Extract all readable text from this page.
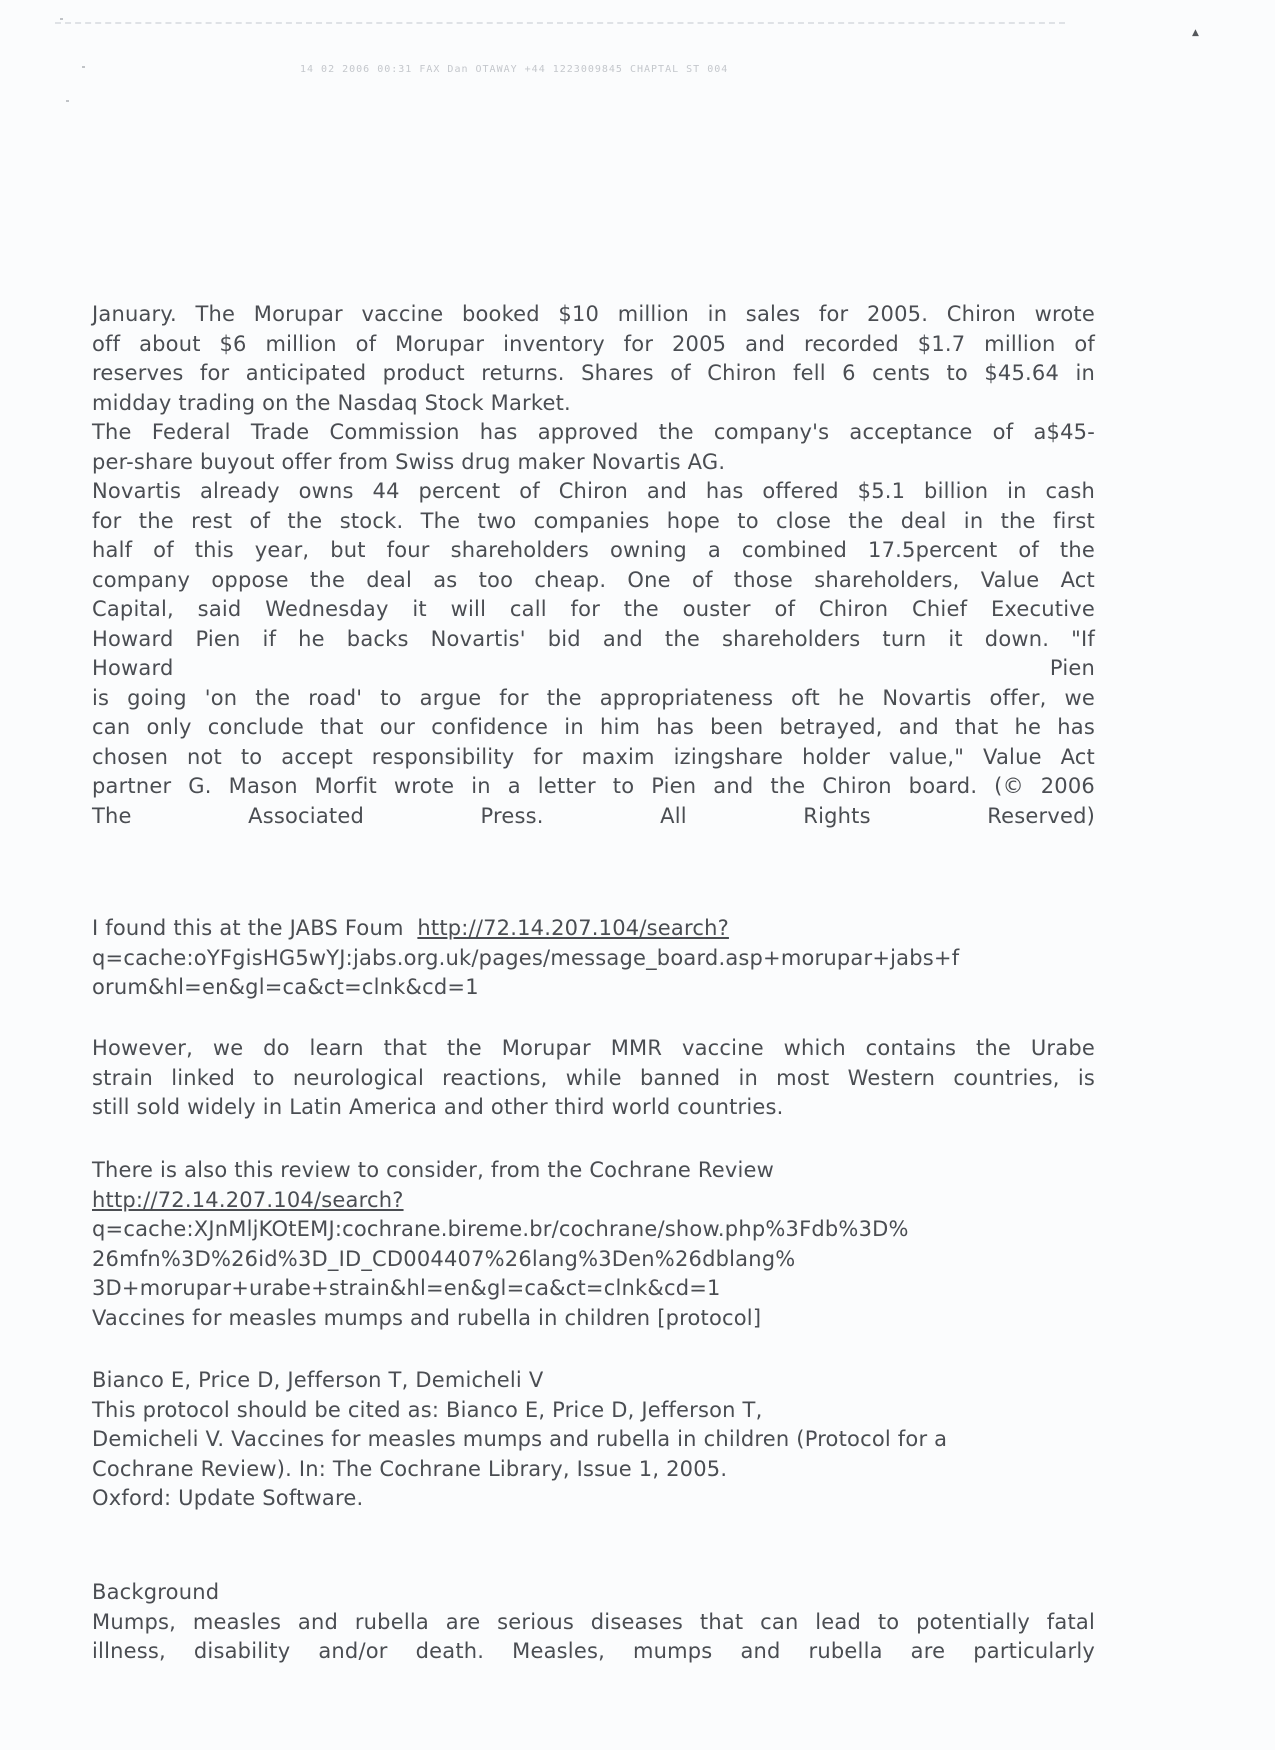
▲
14 02 2006 00:31 FAX Dan OTAWAY +44 1223009845 CHAPTAL ST 004

January. The Morupar vaccine booked $10 million in sales for 2005. Chiron wrote

off about $6 million of Morupar inventory for 2005 and recorded $1.7 million of

reserves for anticipated product returns. Shares of Chiron fell 6 cents to $45.64 in

midday trading on the Nasdaq Stock Market.

The Federal Trade Commission has approved the company's acceptance of a$45-

per-share buyout offer from Swiss drug maker Novartis AG.

Novartis already owns 44 percent of Chiron and has offered $5.1 billion in cash

for the rest of the stock. The two companies hope to close the deal in the first

half of this year, but four shareholders owning a combined 17.5percent of the

company oppose the deal as too cheap. One of those shareholders, Value Act

Capital, said Wednesday it will call for the ouster of Chiron Chief Executive

Howard Pien if he backs Novartis' bid and the shareholders turn it down. "If

Howard Pien

is going 'on the road' to argue for the appropriateness oft he Novartis offer, we

can only conclude that our confidence in him has been betrayed, and that he has

chosen not to accept responsibility for maxim izingshare holder value," Value Act

partner G. Mason Morfit wrote in a letter to Pien and the Chiron board. (© 2006

The Associated Press. All Rights Reserved)

I found this at the JABS Foum http://72.14.207.104/search?

q=cache:oYFgisHG5wYJ:jabs.org.uk/pages/message_board.asp+morupar+jabs+f

orum&hl=en&gl=ca&ct=clnk&cd=1

However, we do learn that the Morupar MMR vaccine which contains the Urabe

strain linked to neurological reactions, while banned in most Western countries, is

still sold widely in Latin America and other third world countries.

There is also this review to consider, from the Cochrane Review

http://72.14.207.104/search?

q=cache:XJnMljKOtEMJ:cochrane.bireme.br/cochrane/show.php%3Fdb%3D%

26mfn%3D%26id%3D_ID_CD004407%26lang%3Den%26dblang%

3D+morupar+urabe+strain&hl=en&gl=ca&ct=clnk&cd=1

Vaccines for measles mumps and rubella in children [protocol]

Bianco E, Price D, Jefferson T, Demicheli V

This protocol should be cited as: Bianco E, Price D, Jefferson T,

Demicheli V. Vaccines for measles mumps and rubella in children (Protocol for a

Cochrane Review). In: The Cochrane Library, Issue 1, 2005.

Oxford: Update Software.

Background

Mumps, measles and rubella are serious diseases that can lead to potentially fatal

illness, disability and/or death. Measles, mumps and rubella are particularly
